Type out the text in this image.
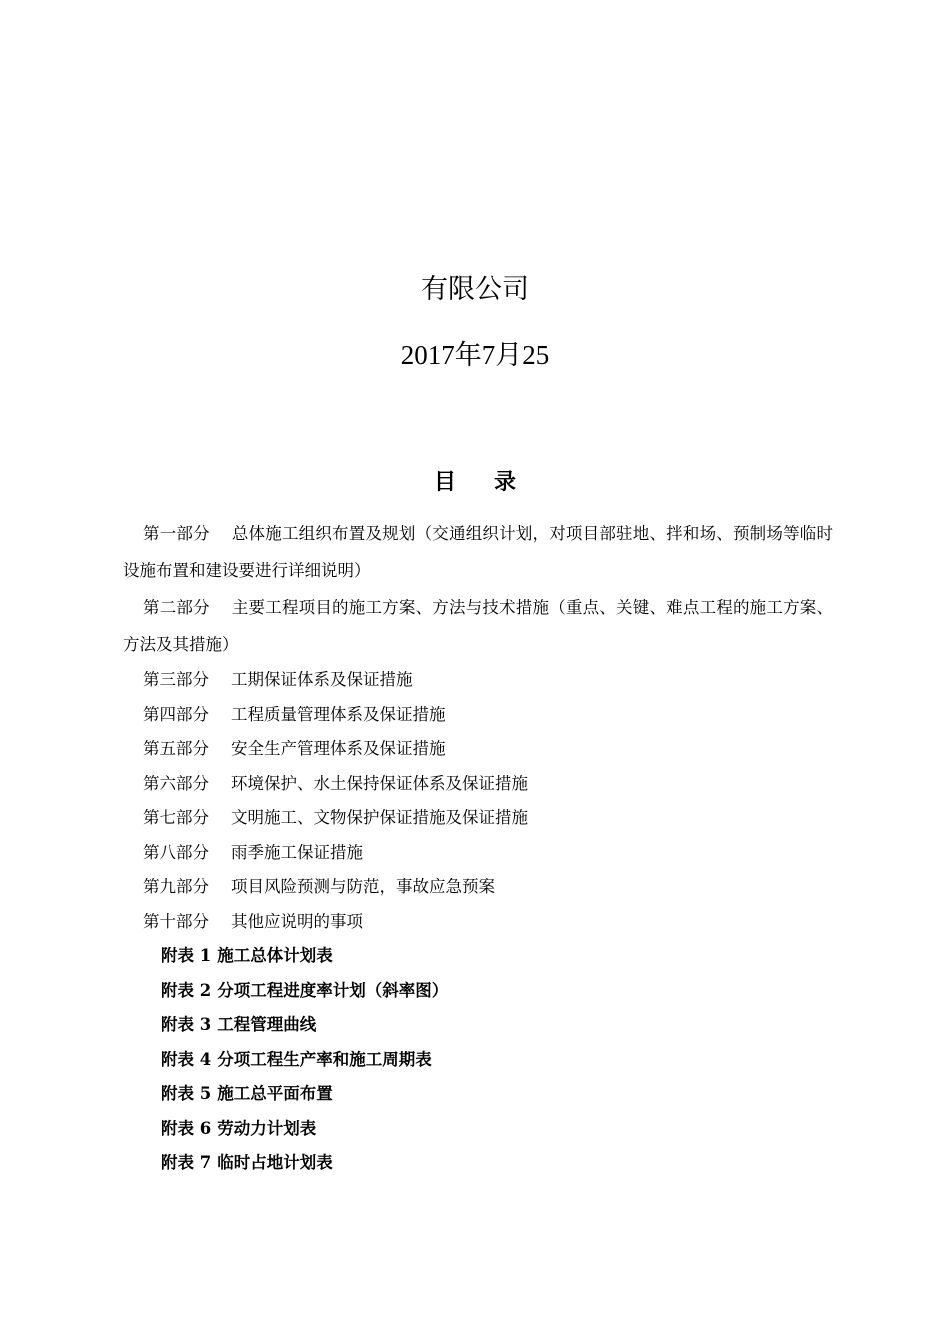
有限公司
2017年7月25
目录
第一部分 总体施工组织布置及规划（交通组织计划，对项目部驻地、拌和场、预制场等临时设施布置和建设要进行详细说明）
第二部分 主要工程项目的施工方案、方法与技术措施（重点、关键、难点工程的施工方案、方法及其措施）
第三部分 工期保证体系及保证措施
第四部分 工程质量管理体系及保证措施
第五部分 安全生产管理体系及保证措施
第六部分 环境保护、水土保持保证体系及保证措施
第七部分 文明施工、文物保护保证措施及保证措施
第八部分 雨季施工保证措施
第九部分 项目风险预测与防范，事故应急预案
第十部分 其他应说明的事项
附表 1 施工总体计划表
附表 2 分项工程进度率计划（斜率图）
附表 3 工程管理曲线
附表 4 分项工程生产率和施工周期表
附表 5 施工总平面布置
附表 6 劳动力计划表
附表 7 临时占地计划表
